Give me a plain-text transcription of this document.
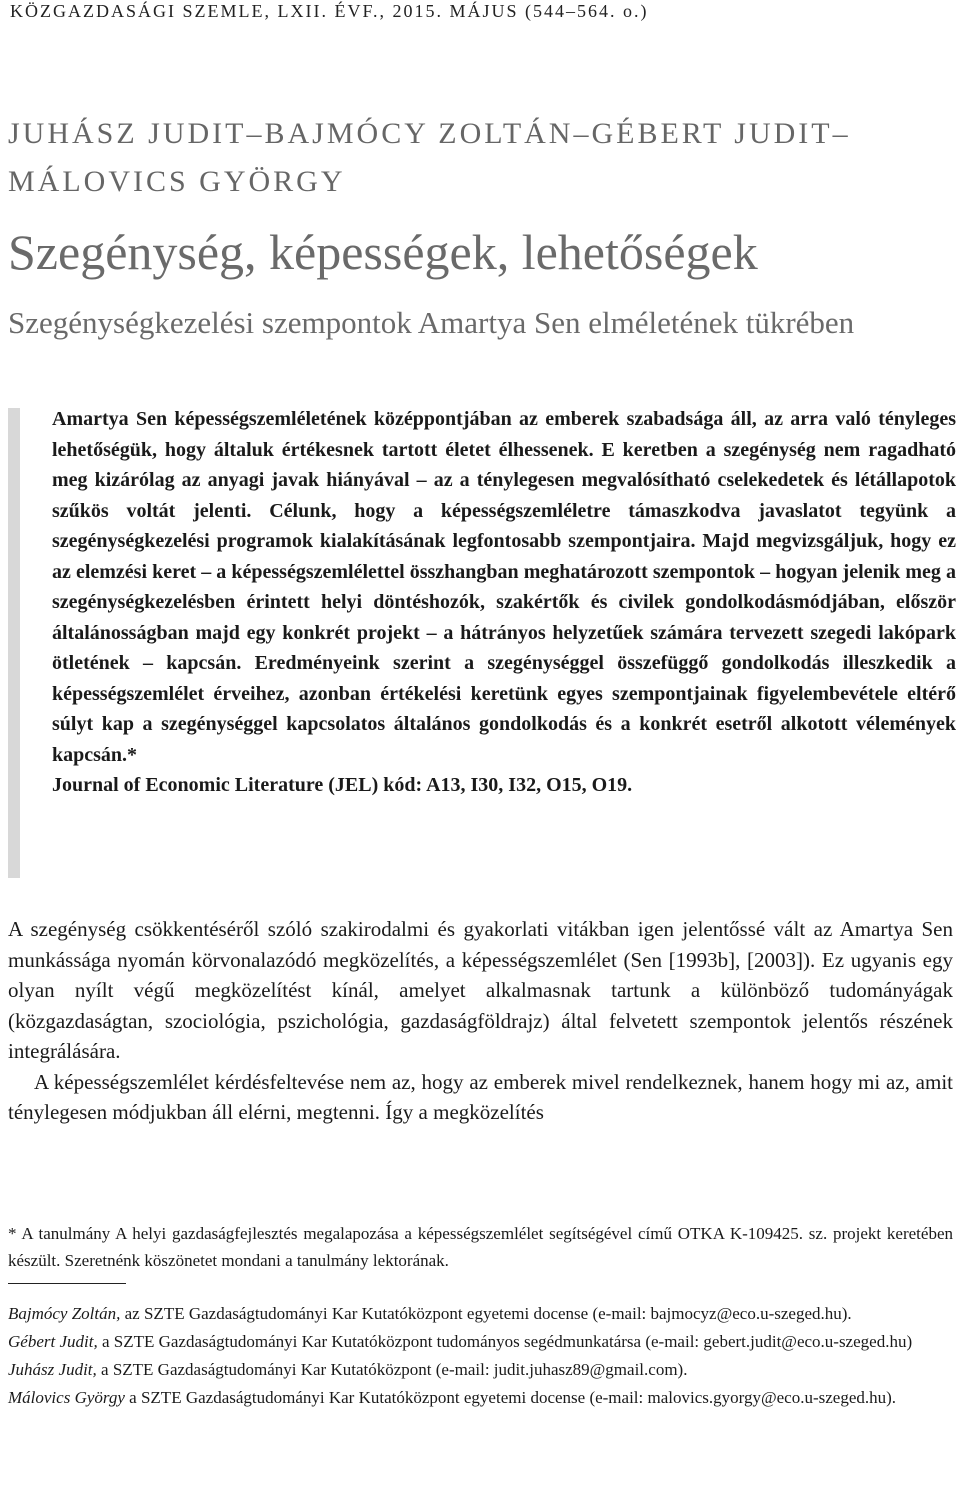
KÖZGAZDASÁGI SZEMLE, LXII. ÉVF., 2015. MÁJUS (544–564. o.)
JUHÁSZ JUDIT–BAJMÓCY ZOLTÁN–GÉBERT JUDIT–
MÁLOVICS GYÖRGY
Szegénység, képességek, lehetőségek
Szegénységkezelési szempontok Amartya Sen elméletének tükrében
Amartya Sen képességszemléletének középpontjában az emberek szabadsága áll, az arra való tényleges lehetőségük, hogy általuk értékesnek tartott életet élhessenek. E keretben a szegénység nem ragadható meg kizárólag az anyagi javak hiányával – az a ténylegesen megvalósítható cselekedetek és létállapotok szűkös voltát jelenti. Célunk, hogy a képességszemléletre támaszkodva javaslatot tegyünk a szegénységkezelési programok kialakításának legfontosabb szempontjaira. Majd megvizsgáljuk, hogy ez az elemzési keret – a képességszemlélettel összhangban meghatározott szempontok – hogyan jelenik meg a szegénységkezelésben érintett helyi döntéshozók, szakértők és civilek gondolkodásmódjában, először általánosságban majd egy konkrét projekt – a hátrányos helyzetűek számára tervezett szegedi lakópark ötletének – kapcsán. Eredményeink szerint a szegénységgel összefüggő gondolkodás illeszkedik a képességszemlélet érveihez, azonban értékelési keretünk egyes szempontjainak figyelembevétele eltérő súlyt kap a szegénységgel kapcsolatos általános gondolkodás és a konkrét esetről alkotott vélemények kapcsán.*
Journal of Economic Literature (JEL) kód: A13, I30, I32, O15, O19.

A szegénység csökkentéséről szóló szakirodalmi és gyakorlati vitákban igen jelentőssé vált az Amartya Sen munkássága nyomán körvonalazódó megközelítés, a képességszemlélet (Sen [1993b], [2003]). Ez ugyanis egy olyan nyílt végű megközelítést kínál, amelyet alkalmasnak tartunk a különböző tudományágak (közgazdaságtan, szociológia, pszichológia, gazdaságföldrajz) által felvetett szempontok jelentős részének integrálására.

A képességszemlélet kérdésfeltevése nem az, hogy az emberek mivel rendelkeznek, hanem hogy mi az, amit ténylegesen módjukban áll elérni, megtenni. Így a megközelítés

* A tanulmány A helyi gazdaságfejlesztés megalapozása a képességszemlélet segítségével című OTKA K-109425. sz. projekt keretében készült. Szeretnénk köszönetet mondani a tanulmány lektorának.

Bajmócy Zoltán, az SZTE Gazdaságtudományi Kar Kutatóközpont egyetemi docense (e-mail: bajmocyz@eco.u-szeged.hu).

Gébert Judit, a SZTE Gazdaságtudományi Kar Kutatóközpont tudományos segédmunkatársa (e-mail: gebert.judit@eco.u-szeged.hu)

Juhász Judit, a SZTE Gazdaságtudományi Kar Kutatóközpont (e-mail: judit.juhasz89@gmail.com).

Málovics György a SZTE Gazdaságtudományi Kar Kutatóközpont egyetemi docense (e-mail: malovics.gyorgy@eco.u-szeged.hu).
